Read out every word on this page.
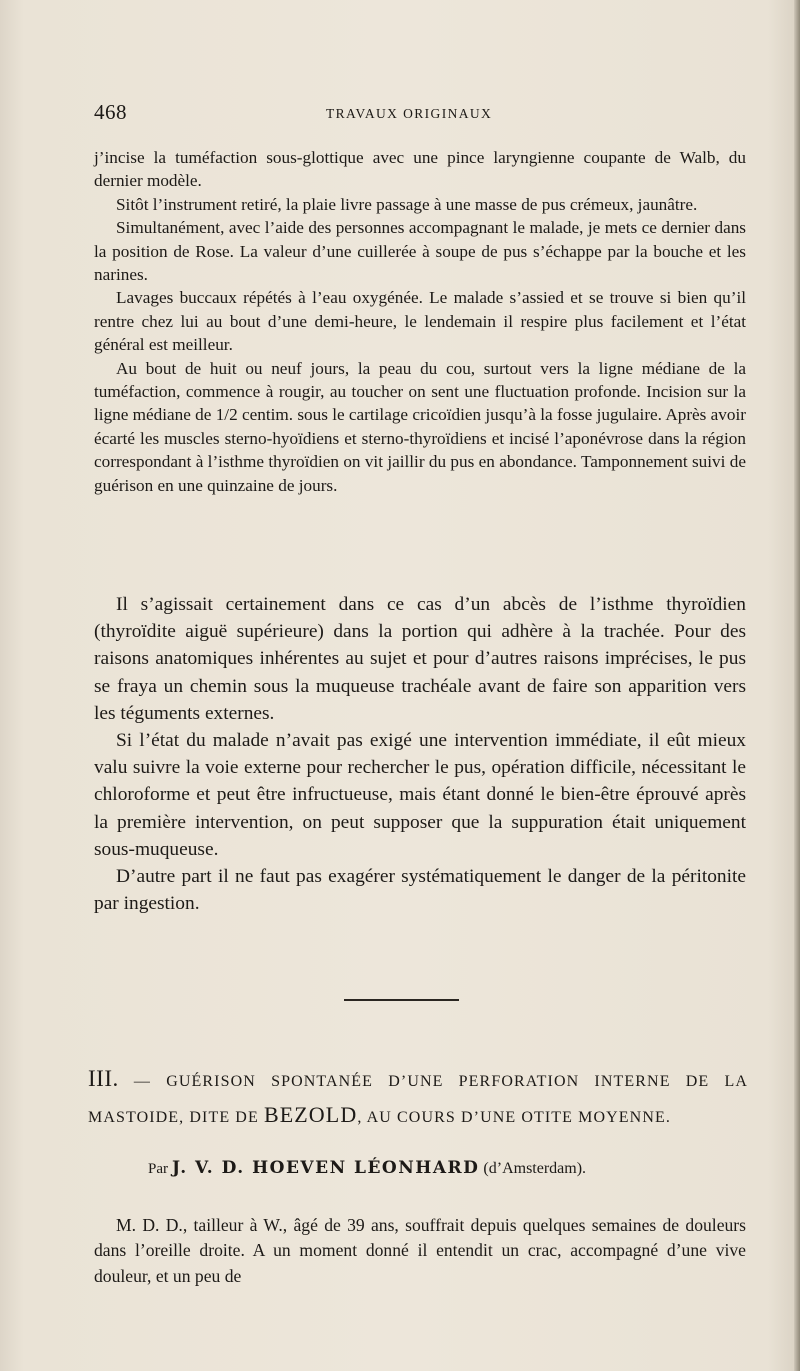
468	TRAVAUX ORIGINAUX

j’incise la tuméfaction sous-glottique avec une pince laryngienne coupante de Walb, du dernier modèle.

Sitôt l’instrument retiré, la plaie livre passage à une masse de pus crémeux, jaunâtre.

Simultanément, avec l’aide des personnes accompagnant le malade, je mets ce dernier dans la position de Rose. La valeur d’une cuillerée à soupe de pus s’échappe par la bouche et les narines.

Lavages buccaux répétés à l’eau oxygénée. Le malade s’assied et se trouve si bien qu’il rentre chez lui au bout d’une demi-heure, le lendemain il respire plus facilement et l’état général est meilleur.

Au bout de huit ou neuf jours, la peau du cou, surtout vers la ligne médiane de la tuméfaction, commence à rougir, au toucher on sent une fluctuation profonde. Incision sur la ligne médiane de 1/2 centim. sous le cartilage cricoïdien jusqu’à la fosse jugulaire. Après avoir écarté les muscles sterno-hyoïdiens et sterno-thyroïdiens et incisé l’aponévrose dans la région correspondant à l’isthme thyroïdien on vit jaillir du pus en abondance. Tamponnement suivi de guérison en une quinzaine de jours.

Il s’agissait certainement dans ce cas d’un abcès de l’isthme thyroïdien (thyroïdite aiguë supérieure) dans la portion qui adhère à la trachée. Pour des raisons anatomiques inhérentes au sujet et pour d’autres raisons imprécises, le pus se fraya un chemin sous la muqueuse trachéale avant de faire son apparition vers les téguments externes.

Si l’état du malade n’avait pas exigé une intervention immédiate, il eût mieux valu suivre la voie externe pour rechercher le pus, opération difficile, nécessitant le chloroforme et peut être infructueuse, mais étant donné le bien-être éprouvé après la première intervention, on peut supposer que la suppuration était uniquement sous-muqueuse.

D’autre part il ne faut pas exagérer systématiquement le danger de la péritonite par ingestion.

III. — GUÉRISON SPONTANÉE D’UNE PERFORATION INTERNE DE LA MASTOIDE, DITE DE BEZOLD, AU COURS D’UNE OTITE MOYENNE.
Par J. V. D. HOEVEN LÉONHARD (d’Amsterdam).

M. D. D., tailleur à W., âgé de 39 ans, souffrait depuis quelques semaines de douleurs dans l’oreille droite. A un moment donné il entendit un crac, accompagné d’une vive douleur, et un peu de
